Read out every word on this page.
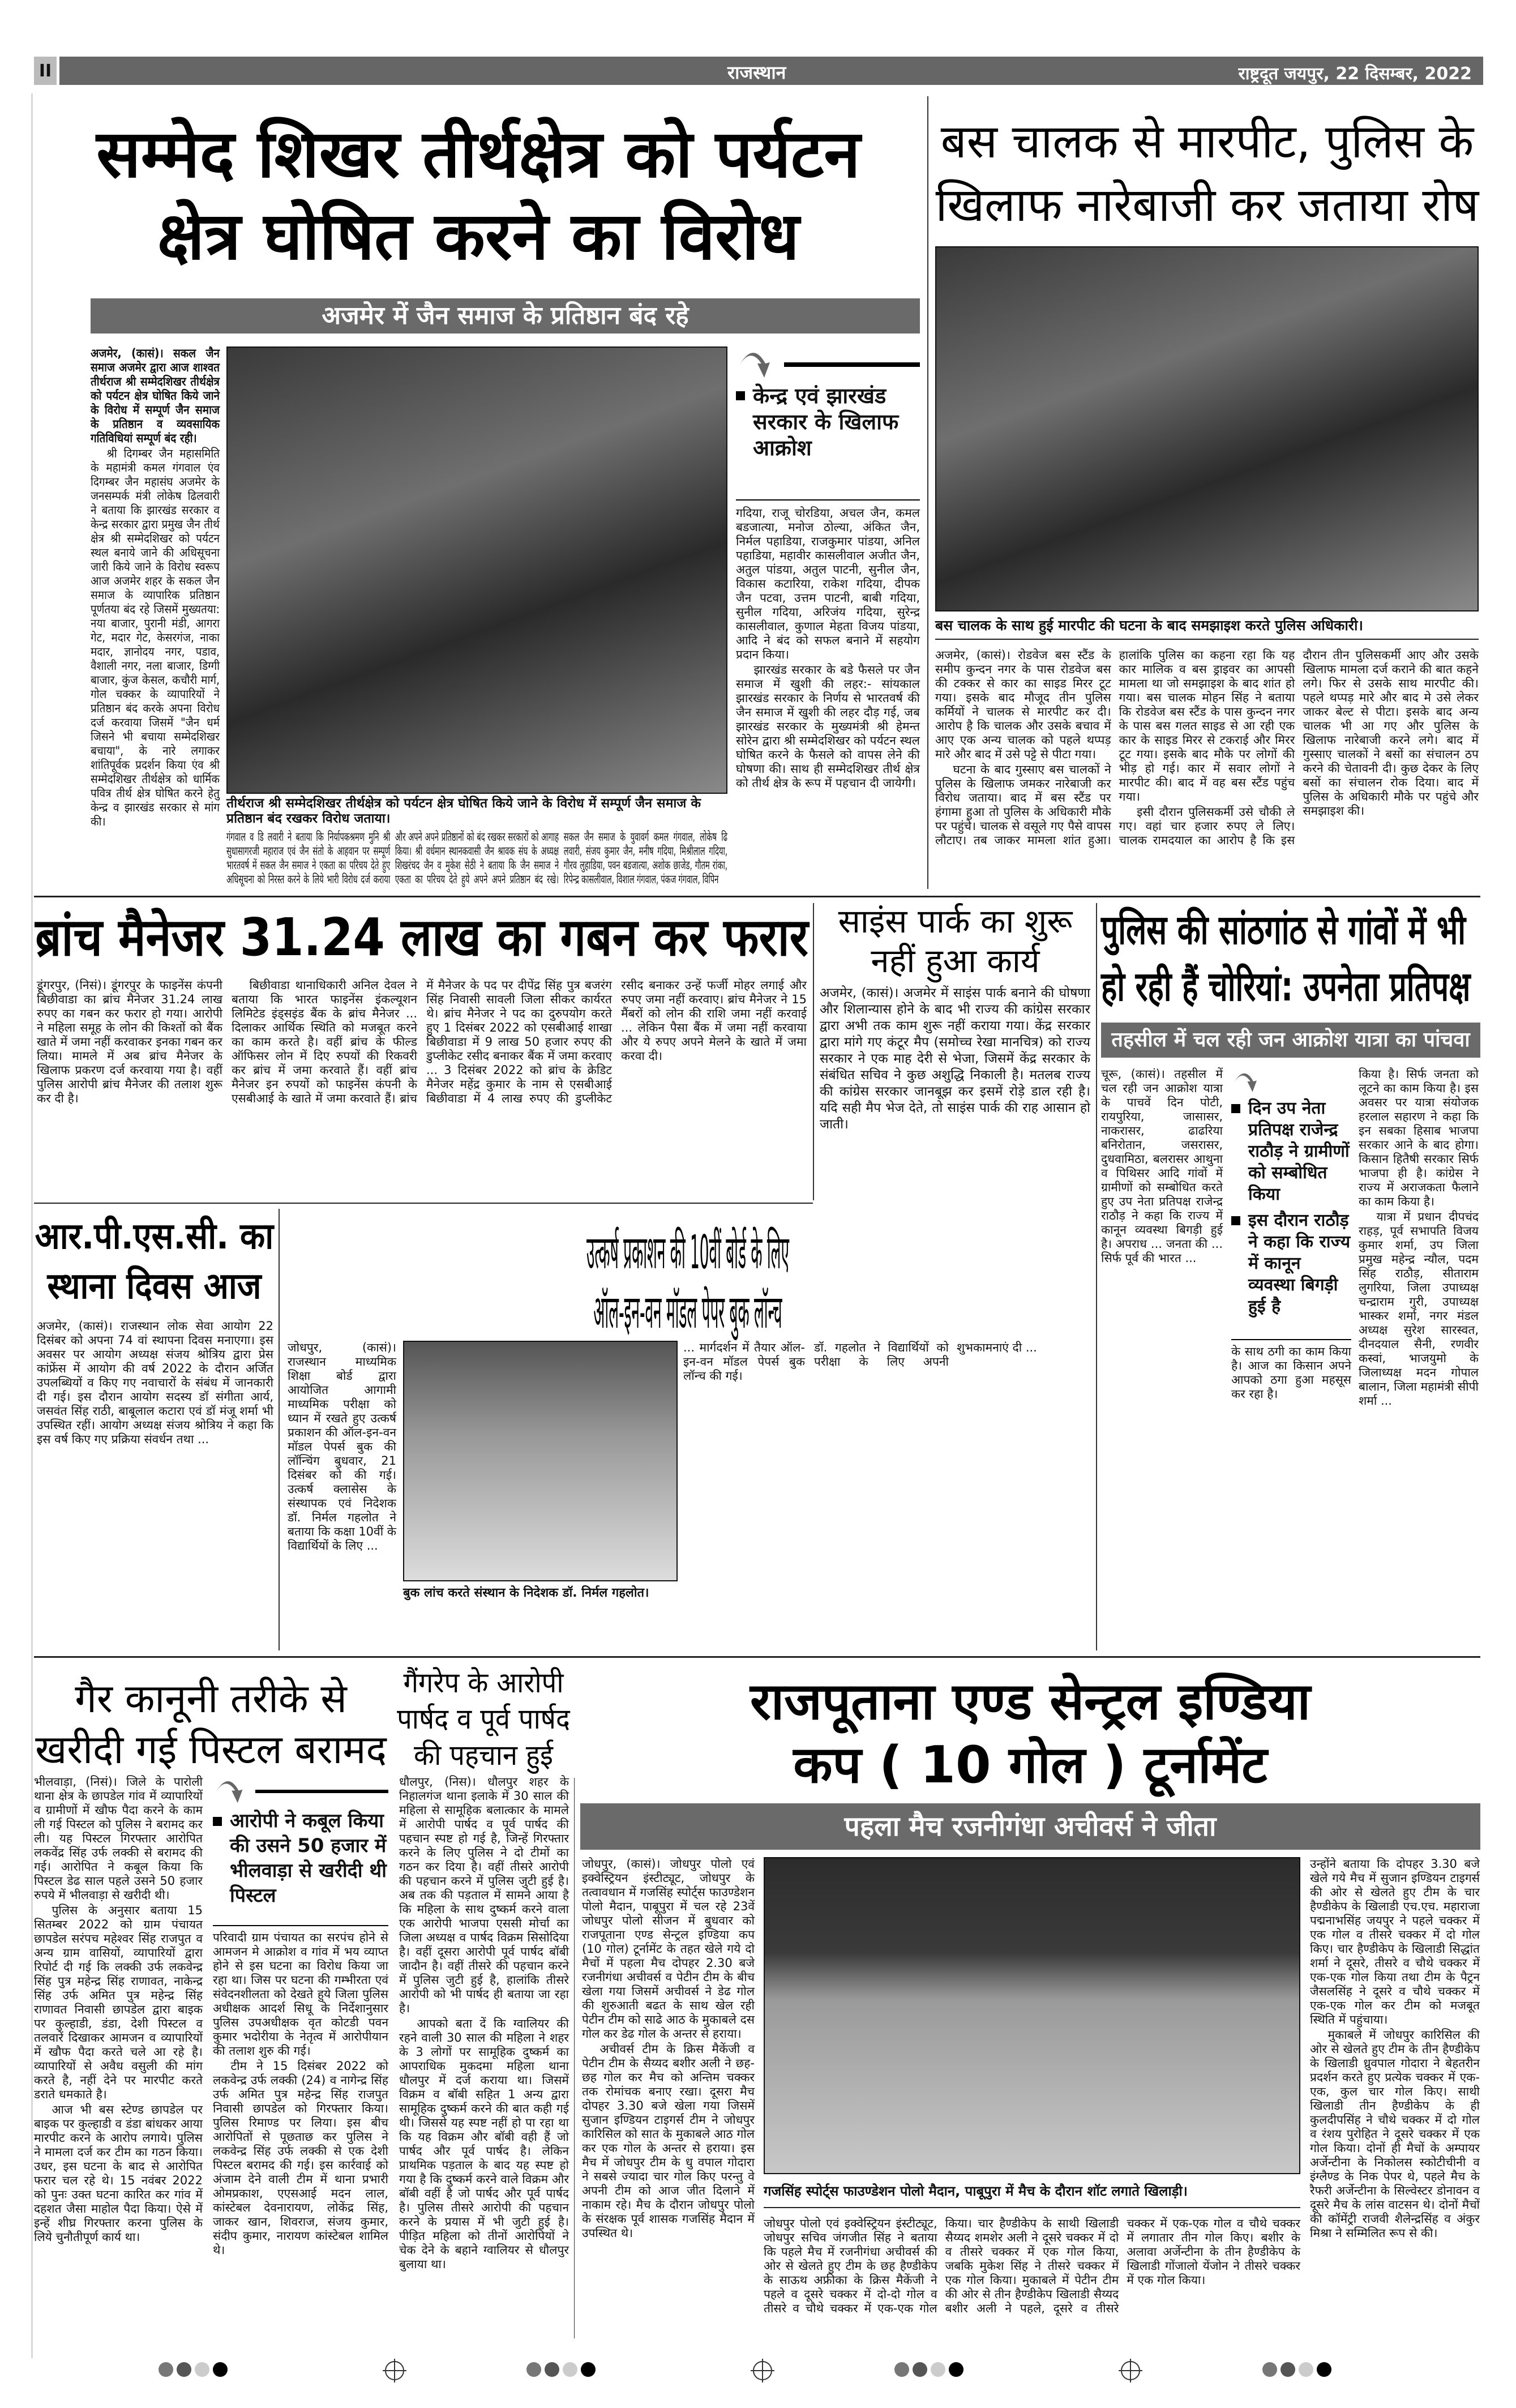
II	राजस्थान	राष्ट्रदूत जयपुर, 22 दिसम्बर, 2022
सम्मेद शिखर तीर्थक्षेत्र को पर्यटन
क्षेत्र घोषित करने का विरोध
अजमेर में जैन समाज के प्रतिष्ठान बंद रहे

अजमेर, (कासं)। सकल जैन समाज अजमेर द्वारा आज शाश्वत तीर्थराज श्री सम्मेदशिखर तीर्थक्षेत्र को पर्यटन क्षेत्र घोषित किये जाने के विरोध में सम्पूर्ण जैन समाज के प्रतिष्ठान व व्यवसायिक गतिविधियां सम्पूर्ण बंद रही।

श्री दिगम्बर जैन महासमिति के महामंत्री कमल गंगवाल एंव दिगम्बर जैन महासंघ अजमेर के जनसम्पर्क मंत्री लोकेष ढिलवारी ने बताया कि झारखंड सरकार व केन्द्र सरकार द्वारा प्रमुख जैन तीर्थ क्षेत्र श्री सम्मेदशिखर को पर्यटन स्थल बनाये जाने की अधिसूचना जारी किये जाने के विरोध स्वरूप आज अजमेर शहर के सकल जैन समाज के व्यापारिक प्रतिष्ठान पूर्णतया बंद रहे जिसमें मुख्यतया: नया बाजार, पुरानी मंडी, आगरा गेट, मदार गेट, केसरगंज, नाका मदार, ज्ञानोदय नगर, पडाव, वैशाली नगर, नला बाजार, डिग्गी बाजार, कुंज केसल, कचौरी मार्ग, गोल चक्कर के व्यापारियों ने प्रतिष्ठान बंद करके अपना विरोध दर्ज करवाया जिसमें "जैन धर्म जिसने भी बचाया सम्मेदशिखर बचाया", के नारे लगाकर शांतिपूर्वक प्रदर्शन किया एंव श्री सम्मेदशिखर तीर्थक्षेत्र को धार्मिक पवित्र तीर्थ क्षेत्र घोषित करने हेतु केन्द्र व झारखंड सरकार से मांग की।

तीर्थराज श्री सम्मेदशिखर तीर्थक्षेत्र को पर्यटन क्षेत्र घोषित किये जाने के विरोध में सम्पूर्ण जैन समाज के प्रतिष्ठान बंद रखकर विरोध जताया।

गंगवाल व डि लवारी ने बताया कि निर्यापकश्रमण मुनि श्री सुधासागरजी महाराज एवं जैन संतो के आहवान पर सम्पूर्ण भारतवर्ष में सकल जैन समाज ने एकता का परिचय देते हुए अधिसूचना को निरस्त करने के लिये भारी विरोध दर्ज कराया और अपने अपने प्रतिष्ठानों को बंद रखकर सरकारों को आगाह किया। श्री वर्धमान स्थानकवासी जैन श्रावक संघ के अध्यक्ष शिखरंचद जैन व मुकेश सेठी ने बताया कि जैन समाज ने एकता का परिचय देते हुये अपने अपने प्रतिष्ठान बंद रखे। सकल जैन समाज के युवावर्ग कमल गंगवाल, लोकेष ढि लवारी, संजय कुमार जैन, मनीष गदिया, मिश्रीलाल गदिया, गौरव लुहाडिया, पवन बडजात्या, अशोक छाजेड, गौतम रांका, रिपेन्द्र कासलीवाल, विशाल गंगवाल, पंकज गंगवाल, विपिन

केन्द्र एवं झारखंड सरकार के खिलाफ आक्रोश

गदिया, राजू चोरडिया, अचल जैन, कमल बडजात्या, मनोज ठोल्या, अंकित जैन, निर्मल पहाडिया, राजकुमार पांडया, अनिल पहाडिया, महावीर कासलीवाल अजीत जैन, अतुल पांडया, अतुल पाटनी, सुनील जैन, विकास कटारिया, राकेश गदिया, दीपक जैन पटवा, उत्तम पाटनी, बाबी गदिया, सुनील गदिया, अरिजंय गदिया, सुरेन्द्र कासलीवाल, कुणाल मेहता विजय पांडया, आदि ने बंद को सफल बनाने में सहयोग प्रदान किया।

झारखंड सरकार के बडे फैसले पर जैन समाज में खुशी की लहर:- सांयकाल झारखंड सरकार के निर्णय से भारतवर्ष की जैन समाज में खुशी की लहर दौड़ गई, जब झारखंड सरकार के मुख्यमंत्री श्री हेमन्त सोरेन द्वारा श्री सम्मेदशिखर को पर्यटन स्थल घोषित करने के फैसले को वापस लेने की घोषणा की। साथ ही सम्मेदशिखर तीर्थ क्षेत्र को तीर्थ क्षेत्र के रूप में पहचान दी जायेगी।

बस चालक से मारपीट, पुलिस के
खिलाफ नारेबाजी कर जताया रोष
बस चालक के साथ हुई मारपीट की घटना के बाद समझाइश करते पुलिस अधिकारी।

अजमेर, (कासं)। रोडवेज बस स्टैंड के समीप कुन्दन नगर के पास रोडवेज बस की टक्कर से कार का साइड मिरर टूट गया। इसके बाद मौजूद तीन पुलिस कर्मियों ने चालक से मारपीट कर दी। आरोप है कि चालक और उसके बचाव में आए एक अन्य चालक को पहले थप्पड़ मारे और बाद में उसे पट्टे से पीटा गया।

घटना के बाद गुस्साए बस चालकों ने पुलिस के खिलाफ जमकर नारेबाजी कर विरोध जताया। बाद में बस स्टैंड पर हंगामा हुआ तो पुलिस के अधिकारी मौके पर पहुंचे। चालक से वसूले गए पैसे वापस लौटाए। तब जाकर मामला शांत हुआ। हालांकि पुलिस का कहना रहा कि यह कार मालिक व बस ड्राइवर का आपसी मामला था जो समझाइश के बाद शांत हो गया। बस चालक मोहन सिंह ने बताया कि रोडवेज बस स्टैंड के पास कुन्दन नगर के पास बस गलत साइड से आ रही एक कार के साइड मिरर से टकराई और मिरर टूट गया। इसके बाद मौके पर लोगों की भीड़ हो गई। कार में सवार लोगों ने मारपीट की। बाद में वह बस स्टैंड पहुंच गया।

इसी दौरान पुलिसकर्मी उसे चौकी ले गए। वहां चार हजार रुपए ले लिए। चालक रामदयाल का आरोप है कि इस दौरान तीन पुलिसकर्मी आए और उसके खिलाफ मामला दर्ज कराने की बात कहने लगे। फिर से उसके साथ मारपीट की। पहले थप्पड़ मारे और बाद मे उसे लेकर जाकर बेल्ट से पीटा। इसके बाद अन्य चालक भी आ गए और पुलिस के खिलाफ नारेबाजी करने लगे। बाद में गुस्साए चालकों ने बसों का संचालन ठप करने की चेतावनी दी। कुछ देकर के लिए बसों का संचालन रोक दिया। बाद में पुलिस के अधिकारी मौके पर पहुंचे और समझाइश की।

ब्रांच मैनेजर 31.24 लाख का गबन कर फरार

डूंगरपुर, (निसं)। डूंगरपुर के फाइनेंस कंपनी बिछीवाडा का ब्रांच मैनेजर 31.24 लाख रुपए का गबन कर फरार हो गया। आरोपी ने महिला समूह के लोन की किश्तों को बैंक खाते में जमा नहीं करवाकर इनका गबन कर लिया। मामले में अब ब्रांच मैनेजर के खिलाफ प्रकरण दर्ज करवाया गया है। वहीं पुलिस आरोपी ब्रांच मैनेजर की तलाश शुरू कर दी है।

बिछीवाडा थानाधिकारी अनिल देवल ने बताया कि भारत फाइनेंस इंकल्यूशन लिमिटेड इंड्सइंड बैंक के ब्रांच मैनेजर ... दिलाकर आर्थिक स्थिति को मजबूत करने का काम करते है। वहीं ब्रांच के फील्ड ऑफिसर लोन में दिए रुपयों की रिकवरी कर ब्रांच में जमा करवाते हैं। वहीं ब्रांच मैनेजर इन रुपयों को फाइनेंस कंपनी के एसबीआई के खाते में जमा करवाते हैं। ब्रांच में मैनेजर के पद पर दीपेंद्र सिंह पुत्र बजरंग सिंह निवासी सावली जिला सीकर कार्यरत थे। ब्रांच मैनेजर ने पद का दुरुपयोग करते हुए 1 दिसंबर 2022 को एसबीआई शाखा बिछीवाडा में 9 लाख 50 हजार रुपए की डुप्लीकेट रसीद बनाकर बैंक में जमा करवाए ... 3 दिसंबर 2022 को ब्रांच के क्रेडिट मैनेजर महेंद्र कुमार के नाम से एसबीआई बिछीवाडा में 4 लाख रुपए की डुप्लीकेट रसीद बनाकर उन्हें फर्जी मोहर लगाई और रुपए जमा नहीं करवाए। ब्रांच मैनेजर ने 15 मैंबरों को लोन की राशि जमा नहीं करवाई ... लेकिन पैसा बैंक में जमा नहीं करवाया और ये रुपए अपने मेलने के खाते में जमा करवा दी।

साइंस पार्क का शुरू
नहीं हुआ कार्य

अजमेर, (कासं)। अजमेर में साइंस पार्क बनाने की घोषणा और शिलान्यास होने के बाद भी राज्य की कांग्रेस सरकार द्वारा अभी तक काम शुरू नहीं कराया गया। केंद्र सरकार द्वारा मांगे गए कंटूर मैप (समोच्च रेखा मानचित्र) को राज्य सरकार ने एक माह देरी से भेजा, जिसमें केंद्र सरकार के संबंधित सचिव ने कुछ अशुद्धि निकाली है। मतलब राज्य की कांग्रेस सरकार जानबूझ कर इसमें रोड़े डाल रही है। यदि सही मैप भेज देते, तो साइंस पार्क की राह आसान हो जाती।

पुलिस की सांठगांठ से गांवों में भी
हो रही हैं चोरियां: उपनेता प्रतिपक्ष
तहसील में चल रही जन आक्रोश यात्रा का पांचवा

चूरू, (कासं)। तहसील में चल रही जन आक्रोश यात्रा के पाचवें दिन पोटी, रायपुरिया, जासासर, नाकरासर, ढाढरिया बनिरोतान, जसरासर, दुधवामिठा, बलरासर आथुना व पिथिसर आदि गांवों में ग्रामीणों को सम्बोधित करते हुए उप नेता प्रतिपक्ष राजेन्द्र राठौड़ ने कहा कि राज्य में कानून व्यवस्था बिगड़ी हुई है। अपराध ... जनता की ... सिर्फ पूर्व की भारत ...

दिन उप नेता प्रतिपक्ष राजेन्द्र राठौड़ ने ग्रामीणों को सम्बोधित किया
इस दौरान राठौड़ ने कहा कि राज्य में कानून व्यवस्था बिगड़ी हुई है

के साथ ठगी का काम किया है। आज का किसान अपने आपको ठगा हुआ महसूस कर रहा है।

किया है। सिर्फ जनता को लूटने का काम किया है। इस अवसर पर यात्रा संयोजक हरलाल सहारण ने कहा कि इन सबका हिसाब भाजपा सरकार आने के बाद होगा। किसान हितैषी सरकार सिर्फ भाजपा ही है। कांग्रेस ने राज्य में अराजकता फैलाने का काम किया है।

यात्रा में प्रधान दीपचंद राहड़, पूर्व सभापति विजय कुमार शर्मा, उप जिला प्रमुख महेन्द्र न्यौल, पदम सिंह राठौड़, सीताराम लुगरिया, जिला उपाध्यक्ष चन्द्राराम गुरी, उपाध्यक्ष भास्कर शर्मा, नगर मंडल अध्यक्ष सुरेश सारस्वत, दीनदयाल सैनी, रणवीर कस्वां, भाजयुमो के जिलाध्यक्ष मदन गोपाल बालान, जिला महामंत्री सीपी शर्मा ...

आर.पी.एस.सी. का
स्थाना दिवस आज

अजमेर, (कासं)। राजस्थान लोक सेवा आयोग 22 दिसंबर को अपना 74 वां स्थापना दिवस मनाएगा। इस अवसर पर आयोग अध्यक्ष संजय श्रोत्रिय द्वारा प्रेस कांफ्रेंस में आयोग की वर्ष 2022 के दौरान अर्जित उपलब्धियों व किए गए नवाचारों के संबंध में जानकारी दी गई। इस दौरान आयोग सदस्य डॉ संगीता आर्य, जसवंत सिंह राठी, बाबूलाल कटारा एवं डॉ मंजू शर्मा भी उपस्थित रहीं। आयोग अध्यक्ष संजय श्रोत्रिय ने कहा कि इस वर्ष किए गए प्रक्रिया संवर्धन तथा ...

उत्कर्ष प्रकाशन की 10वीं बोर्ड के लिए
ऑल-इन-वन मॉडल पेपर बुक लॉन्च

जोधपुर, (कासं)। राजस्थान माध्यमिक शिक्षा बोर्ड द्वारा आयोजित आगामी माध्यमिक परीक्षा को ध्यान में रखते हुए उत्कर्ष प्रकाशन की ऑल-इन-वन मॉडल पेपर्स बुक की लॉन्चिंग बुधवार, 21 दिसंबर को की गई। उत्कर्ष क्लासेस के संस्थापक एवं निदेशक डॉ. निर्मल गहलोत ने बताया कि कक्षा 10वीं के विद्यार्थियों के लिए ...

बुक लांच करते संस्थान के निदेशक डॉ. निर्मल गहलोत।

... मार्गदर्शन में तैयार ऑल-इन-वन मॉडल पेपर्स बुक लॉन्च की गई।

डॉ. गहलोत ने विद्यार्थियों को परीक्षा के लिए अपनी शुभकामनाएं दी ...

गैर कानूनी तरीके से
खरीदी गई पिस्टल बरामद

भीलवाड़ा, (निसं)। जिले के पारोली थाना क्षेत्र के छापडेल गांव में व्यापारियों व ग्रामीणों में खौफ पैदा करने के काम ली गई पिस्टल को पुलिस ने बरामद कर ली। यह पिस्टल गिरफ्तार आरोपित लकवेंद्र सिंह उर्फ लक्की से बरामद की गई। आरोपित ने कबूल किया कि पिस्टल डेढ साल पहले उसने 50 हजार रुपये में भीलवाड़ा से खरीदी थी।

पुलिस के अनुसार बताया 15 सितम्बर 2022 को ग्राम पंचायत छापडेल सरंपच महेश्वर सिंह राजपुत व अन्य ग्राम वासियों, व्यापारियों द्वारा रिपोर्ट दी गई कि लक्की उर्फ लकवेन्द्र सिंह पुत्र महेन्द्र सिंह राणावत, नाकेन्द्र सिंह उर्फ अमित पुत्र महेन्द्र सिंह राणावत निवासी छापडेल द्वारा बाइक पर कुल्हाडी, डंडा, देशी पिस्टल व तलवारें दिखाकर आमजन व व्यापारियों में खौफ पैदा करते चले आ रहे है। व्यापारियों से अवैध वसुली की मांग करते है, नहीं देने पर मारपीट करते डराते धमकाते है।

आज भी बस स्टेण्ड छापडेल पर बाइक पर कुल्हाडी व डंडा बांधकर आया मारपीट करने के आरोप लगाये। पुलिस ने मामला दर्ज कर टीम का गठन किया। उधर, इस घटना के बाद से आरोपित फरार चल रहे थे। 15 नवंबर 2022 को पुनः उक्त घटना कारित कर गांव में दहशत जैसा माहोल पैदा किया। ऐसे में इन्हें शीघ्र गिरफ्तार करना पुलिस के लिये चुनौतीपूर्ण कार्य था।

आरोपी ने कबूल किया की उसने 50 हजार में भीलवाड़ा से खरीदी थी पिस्टल

परिवादी ग्राम पंचायत का सरपंच होने से आमजन मे आक्रोश व गांव में भय व्याप्त होने से इस घटना का विरोध किया जा रहा था। जिस पर घटना की गम्भीरता एवं संवेदनशीलता को देखते हुये जिला पुलिस अधीक्षक आदर्श सिधू के निर्देशानुसार पुलिस उपअधीक्षक वृत कोटडी पवन कुमार भदोरीया के नेतृत्व में आरोपीयान की तलाश शुरु की गई।

टीम ने 15 दिसंबर 2022 को लकवेन्द्र उर्फ लक्की (24) व नागेन्द्र सिंह उर्फ अमित पुत्र महेन्द्र सिंह राजपुत निवासी छापडेल को गिरफ्तार किया। पुलिस रिमाण्ड पर लिया। इस बीच आरोपितों से पूछताछ कर पुलिस ने लकवेन्द्र सिंह उर्फ लक्की से एक देशी पिस्टल बरामद की गई। इस कार्रवाई को अंजाम देने वाली टीम में थाना प्रभारी ओमप्रकाश, एएसआई मदन लाल, कांस्टेबल देवनारायण, लोकेंद्र सिंह, जाकर खान, शिवराज, संजय कुमार, संदीप कुमार, नारायण कांस्टेबल शामिल थे।

गैंगरेप के आरोपी
पार्षद व पूर्व पार्षद
की पहचान हुई

धौलपुर, (निस)। धौलपुर शहर के निहालगंज थाना इलाके में 30 साल की महिला से सामूहिक बलात्कार के मामले में आरोपी पार्षद व पूर्व पार्षद की पहचान स्पष्ट हो गई है, जिन्हें गिरफ्तार करने के लिए पुलिस ने दो टीमों का गठन कर दिया है। वहीं तीसरे आरोपी की पहचान करने में पुलिस जुटी हुई है। अब तक की पड़ताल में सामने आया है कि महिला के साथ दुष्कर्म करने वाला एक आरोपी भाजपा एससी मोर्चा का जिला अध्यक्ष व पार्षद विक्रम सिसोदिया है। वहीं दूसरा आरोपी पूर्व पार्षद बॉबी जादौन है। वहीं तीसरे की पहचान करने में पुलिस जुटी हुई है, हालांकि तीसरे आरोपी को भी पार्षद ही बताया जा रहा है।

आपको बता दें कि ग्वालियर की रहने वाली 30 साल की महिला ने शहर के 3 लोगों पर सामूहिक दुष्कर्म का आपराधिक मुकदमा महिला थाना धौलपुर में दर्ज कराया था। जिसमें विक्रम व बॉबी सहित 1 अन्य द्वारा सामूहिक दुष्कर्म करने की बात कही गई थी। जिससे यह स्पष्ट नहीं हो पा रहा था कि यह विक्रम और बॉबी वही हैं जो पार्षद और पूर्व पार्षद है। लेकिन प्राथमिक पड़ताल के बाद यह स्पष्ट हो गया है कि दुष्कर्म करने वाले विक्रम और बॉबी वहीं है जो पार्षद और पूर्व पार्षद है। पुलिस तीसरे आरोपी की पहचान करने के प्रयास में भी जुटी हुई है। पीड़ित महिला को तीनों आरोपियों ने चेक देने के बहाने ग्वालियर से धौलपुर बुलाया था।

राजपूताना एण्ड सेन्ट्रल इण्डिया
कप ( 10 गोल ) टूर्नामेंट
पहला मैच रजनीगंधा अचीवर्स ने जीता

जोधपुर, (कासं)। जोधपुर पोलो एवं इक्वेस्ट्रियन इंस्टीट्यूट, जोधपुर के तत्वावधान में गजसिंह स्पोर्ट्स फाउण्डेशन पोलो मैदान, पाबूपुरा में चल रहे 23वें जोधपुर पोलो सीजन में बुधवार को राजपूताना एण्ड सेन्ट्रल इण्डिया कप (10 गोल) टूर्नामेंट के तहत खेले गये दो मैचों में पहला मैच दोपहर 2.30 बजे रजनीगंधा अचीवर्स व पेटीन टीम के बीच खेला गया जिसमें अचीवर्स ने डेढ गोल की शुरुआती बढत के साथ खेल रही पेटीन टीम को साढे आठ के मुकाबले दस गोल कर डेढ गोल के अन्तर से हराया।

अचीवर्स टीम के क्रिस मैकेंजी व पेटीन टीम के सैय्यद बशीर अली ने छह-छह गोल कर मैच को अन्तिम चक्कर तक रोमांचक बनाए रखा। दूसरा मैच दोपहर 3.30 बजे खेला गया जिसमें सुजान इण्डियन टाइगर्स टीम ने जोधपुर कारिसिल को सात के मुकाबले आठ गोल कर एक गोल के अन्तर से हराया। इस मैच में जोधपुर टीम के धु वपाल गोदारा ने सबसे ज्यादा चार गोल किए परन्तु वे अपनी टीम को आज जीत दिलाने में नाकाम रहे। मैच के दौरान जोधपुर पोलो के संरक्षक पूर्व शासक गजसिंह मैदान में उपस्थित थे।

गजसिंह स्पोर्ट्स फाउण्डेशन पोलो मैदान, पाबूपुरा में मैच के दौरान शॉट लगाते खिलाड़ी।

जोधपुर पोलो एवं इक्वेस्ट्रियन इंस्टीट्यूट, जोधपुर सचिव जंगजीत सिंह ने बताया कि पहले मैच में रजनीगंधा अचीवर्स की ओर से खेलते हुए टीम के छह हैण्डीकेप के साऊथ अफ्रीका के क्रिस मैकेंजी ने पहले व दूसरे चक्कर में दो-दो गोल व तीसरे व चौथे चक्कर में एक-एक गोल किया। चार हैण्डीकेप के साथी खिलाडी सैय्यद शमशेर अली ने दूसरे चक्कर में दो व तीसरे चक्कर में एक गोल किया, जबकि मुकेश सिंह ने तीसरे चक्कर में एक गोल किया। मुकाबले में पेटीन टीम की ओर से तीन हैण्डीकेप खिलाडी सैय्यद बशीर अली ने पहले, दूसरे व तीसरे चक्कर में एक-एक गोल व चौथे चक्कर में लगातार तीन गोल किए। बशीर के अलावा अर्जेन्टीना के तीन हैण्डीकेप के खिलाडी गोंजालो येंजोन ने तीसरे चक्कर में एक गोल किया।

उन्होंने बताया कि दोपहर 3.30 बजे खेले गये मैच में सुजान इण्डियन टाइगर्स की ओर से खेलते हुए टीम के चार हैण्डीकेप के खिलाडी एच.एच. महाराजा पद्मनाभसिंह जयपुर ने पहले चक्कर में एक गोल व तीसरे चक्कर में दो गोल किए। चार हैण्डीकेप के खिलाडी सिद्धांत शर्मा ने दूसरे, तीसरे व चौथे चक्कर में एक-एक गोल किया तथा टीम के पैट्रन जैसलसिंह ने दूसरे व चौथे चक्कर में एक-एक गोल कर टीम को मजबूत स्थिति में पहुंचाया।

मुकाबले में जोधपुर कारिसिल की ओर से खेलते हुए टीम के तीन हैण्डीकेप के खिलाडी ध्रुवपाल गोदारा ने बेहतरीन प्रदर्शन करते हुए प्रत्येक चक्कर में एक-एक, कुल चार गोल किए। साथी खिलाडी तीन हैण्डीकेप के ही कुलदीपसिंह ने चौथे चक्कर में दो गोल व रंशय पुरोहित ने दूसरे चक्कर में एक गोल किया। दोनों ही मैचों के अम्पायर अर्जेन्टीना के निकोलस स्कोटीचीनी व इंग्लैण्ड के निक पेपर थे, पहले मैच के रैफरी अर्जेन्टीना के सिल्वेस्टर डोनावन व दूसरे मैच के लांस वाटसन थे। दोनों मैचों की कॉमेंट्री राजवी शैलेन्द्रसिंह व अंकुर मिश्रा ने सम्मिलित रूप से की।
